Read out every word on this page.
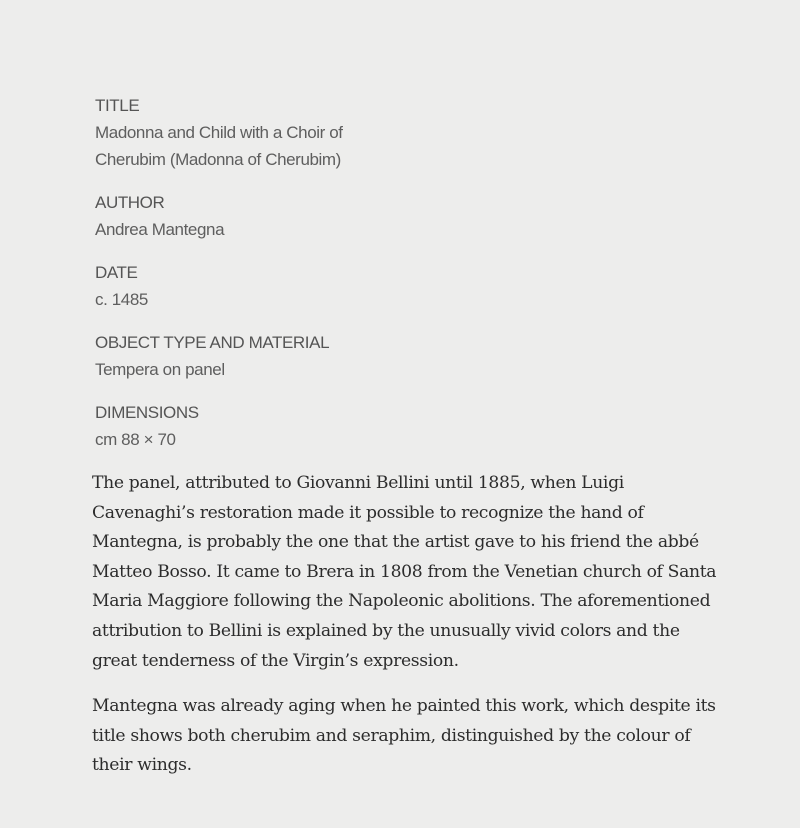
TITLE
Madonna and Child with a Choir of Cherubim (Madonna of Cherubim)
AUTHOR
Andrea Mantegna
DATE
c. 1485
OBJECT TYPE AND MATERIAL
Tempera on panel
DIMENSIONS
cm 88 × 70

The panel, attributed to Giovanni Bellini until 1885, when Luigi Cavenaghi’s restoration made it possible to recognize the hand of Mantegna, is probably the one that the artist gave to his friend the abbé Matteo Bosso. It came to Brera in 1808 from the Venetian church of Santa Maria Maggiore following the Napoleonic abolitions. The aforementioned attribution to Bellini is explained by the unusually vivid colors and the great tenderness of the Virgin’s expression.

Mantegna was already aging when he painted this work, which despite its title shows both cherubim and seraphim, distinguished by the colour of their wings.
